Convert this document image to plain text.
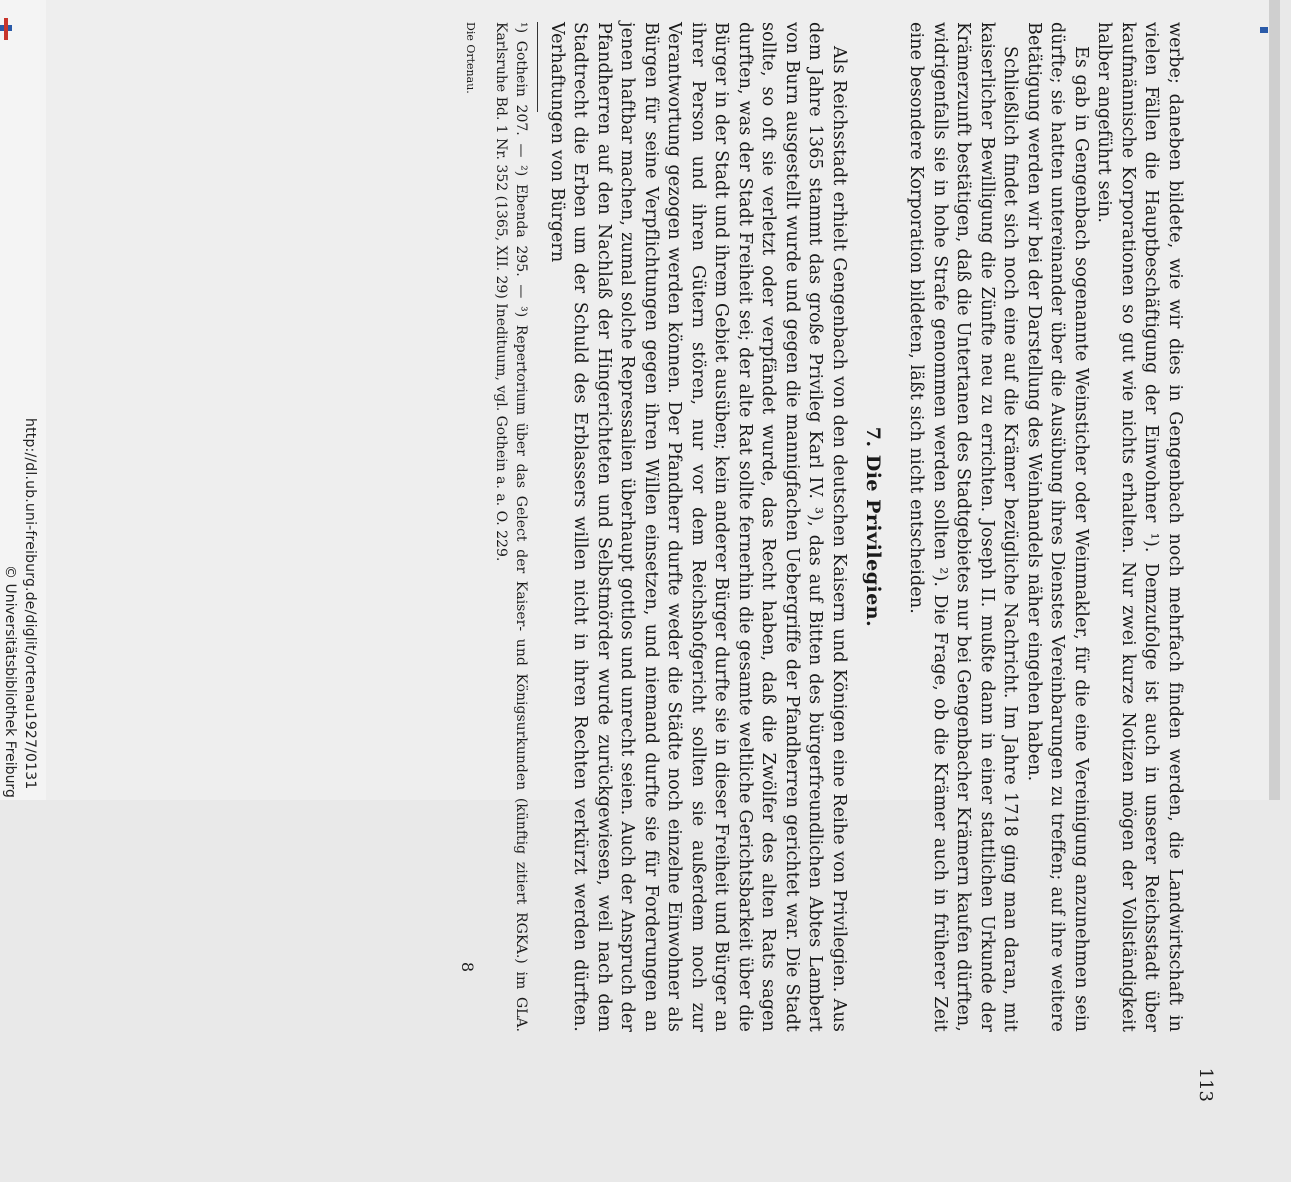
http://dl.ub.uni-freiburg.de/diglit/ortenau1927/0131
© Universitätsbibliothek Freiburg
113

werbe; daneben bildete, wie wir dies in Gengenbach noch mehrfach finden werden, die Landwirtschaft in vielen Fällen die Hauptbeschäftigung der Einwohner ¹). Demzufolge ist auch in unserer Reichsstadt über kaufmännische Korporationen so gut wie nichts erhalten. Nur zwei kurze Notizen mögen der Vollständigkeit halber angeführt sein.

Es gab in Gengenbach sogenannte Weinsticher oder Weinmakler, für die eine Vereinigung anzunehmen sein dürfte; sie hatten untereinander über die Ausübung ihres Dienstes Vereinbarungen zu treffen; auf ihre weitere Betätigung werden wir bei der Darstellung des Weinhandels näher eingehen haben.

Schließlich findet sich noch eine auf die Krämer bezügliche Nachricht. Im Jahre 1718 ging man daran, mit kaiserlicher Bewilligung die Zünfte neu zu errichten. Joseph II. mußte dann in einer stattlichen Urkunde der Krämerzunft bestätigen, daß die Untertanen des Stadtgebietes nur bei Gengenbacher Krämern kaufen dürften, widrigenfalls sie in hohe Strafe genommen werden sollten ²). Die Frage, ob die Krämer auch in früherer Zeit eine besondere Korporation bildeten, läßt sich nicht entscheiden.

7. Die Privilegien.

Als Reichsstadt erhielt Gengenbach von den deutschen Kaisern und Königen eine Reihe von Privilegien. Aus dem Jahre 1365 stammt das große Privileg Karl IV. ³), das auf Bitten des bürgerfreundlichen Abtes Lambert von Burn ausgestellt wurde und gegen die mannigfachen Uebergriffe der Pfandherren gerichtet war. Die Stadt sollte, so oft sie verletzt oder verpfändet wurde, das Recht haben, daß die Zwölfer des alten Rats sagen durften, was der Stadt Freiheit sei; der alte Rat sollte fernerhin die gesamte weltliche Gerichtsbarkeit über die Bürger in der Stadt und ihrem Gebiet ausüben; kein anderer Bürger durfte sie in dieser Freiheit und Bürger an ihrer Person und ihren Gütern stören, nur vor dem Reichshofgericht sollten sie außerdem noch zur Verantwortung gezogen werden können. Der Pfandherr durfte weder die Städte noch einzelne Einwohner als Bürgen für seine Verpflichtungen gegen ihren Willen einsetzen, und niemand durfte sie für Forderungen an jenen haftbar machen, zumal solche Repressalien überhaupt gottlos und unrecht seien. Auch der Anspruch der Pfandherren auf den Nachlaß der Hingerichteten und Selbstmörder wurde zurückgewiesen, weil nach dem Stadtrecht die Erben um der Schuld des Erblassers willen nicht in ihren Rechten verkürzt werden dürften. Verhaftungen von Bürgern

¹) Gothein 207. — ²) Ebenda 295. — ³) Repertorium über das Gelect der Kaiser- und Königsurkunden (künftig zitiert RGKA.) im GLA. Karlsruhe Bd. 1 Nr. 352 (1365, XII. 29) Inedituum, vgl. Gothein a. a. O. 229.

Die Ortenau.
8
